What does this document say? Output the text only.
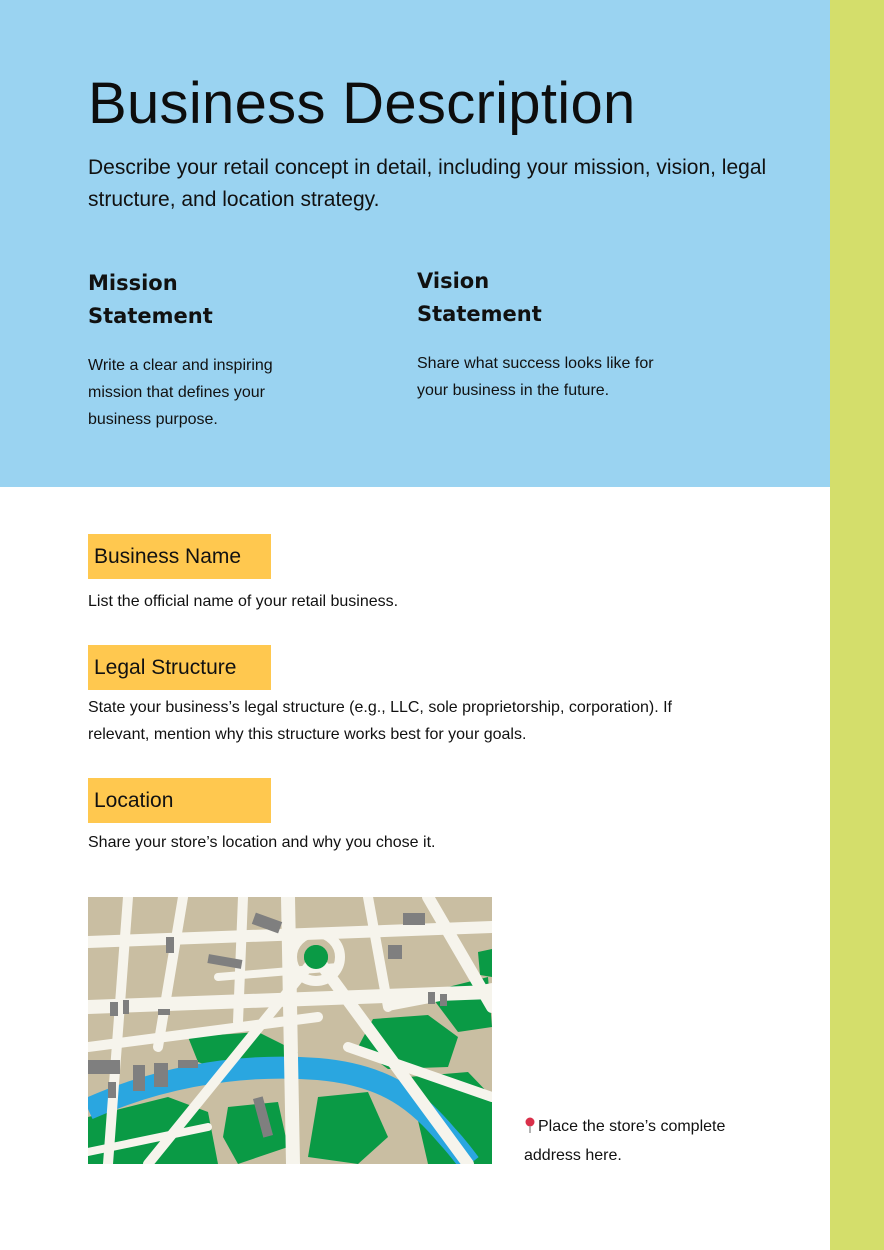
Business Description

Describe your retail concept in detail, including your mission, vision, legal structure, and location strategy.

Mission Statement

Write a clear and inspiring mission that defines your business purpose.

Vision Statement

Share what success looks like for your business in the future.

Business Name

List the official name of your retail business.

Legal Structure

State your business’s legal structure (e.g., LLC, sole proprietorship, corporation). If relevant, mention why this structure works best for your goals.

Location

Share your store’s location and why you chose it.

Place the store’s complete address here.
